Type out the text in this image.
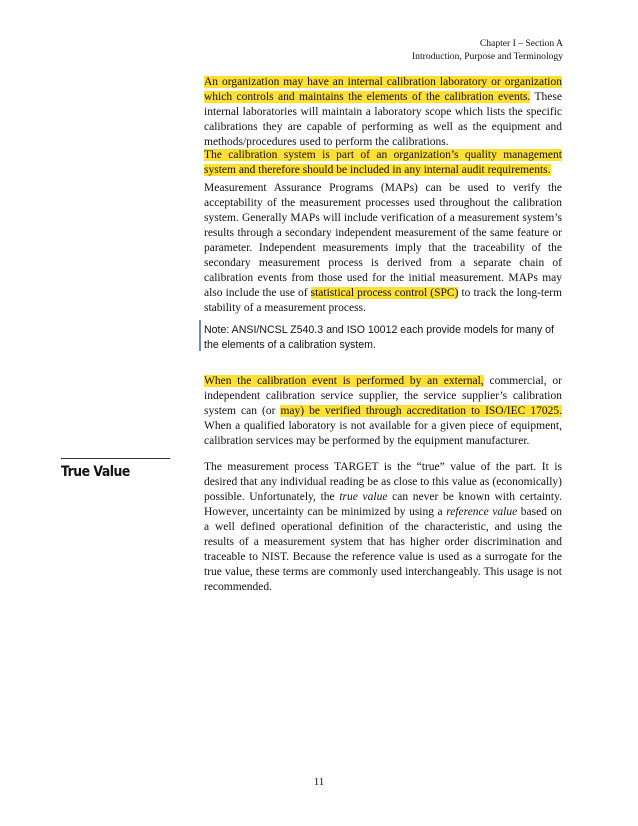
Chapter I – Section A
Introduction, Purpose and Terminology

An organization may have an internal calibration laboratory or organization which controls and maintains the elements of the calibration events. These internal laboratories will maintain a laboratory scope which lists the specific calibrations they are capable of performing as well as the equipment and methods/procedures used to perform the calibrations.

The calibration system is part of an organization’s quality management system and therefore should be included in any internal audit requirements.

Measurement Assurance Programs (MAPs) can be used to verify the acceptability of the measurement processes used throughout the calibration system. Generally MAPs will include verification of a measurement system’s results through a secondary independent measurement of the same feature or parameter. Independent measurements imply that the traceability of the secondary measurement process is derived from a separate chain of calibration events from those used for the initial measurement. MAPs may also include the use of statistical process control (SPC) to track the long-term stability of a measurement process.

Note: ANSI/NCSL Z540.3 and ISO 10012 each provide models for many of the elements of a calibration system.

When the calibration event is performed by an external, commercial, or independent calibration service supplier, the service supplier’s calibration system can (or may) be verified through accreditation to ISO/IEC 17025. When a qualified laboratory is not available for a given piece of equipment, calibration services may be performed by the equipment manufacturer.

True Value	The measurement process TARGET is the “true” value of the part. It is desired that any individual reading be as close to this value as (economically) possible. Unfortunately, the true value can never be known with certainty. However, uncertainty can be minimized by using a reference value based on a well defined operational definition of the characteristic, and using the results of a measurement system that has higher order discrimination and traceable to NIST. Because the reference value is used as a surrogate for the true value, these terms are commonly used interchangeably. This usage is not recommended.

11
